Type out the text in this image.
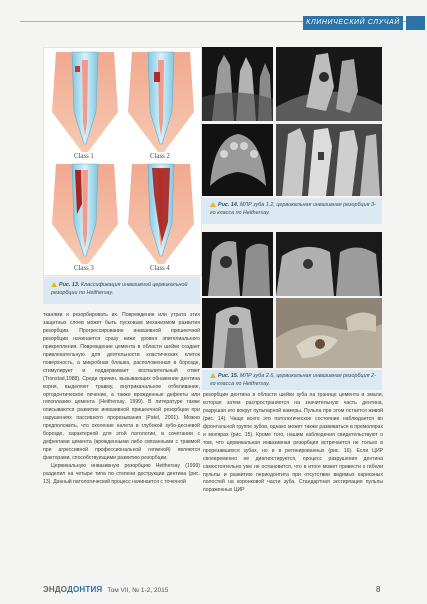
КЛИНИЧЕСКИЙ СЛУЧАЙ
Class 1	Class 2
Class 3	Class 4
Рис. 13. Классификация инвазивной цервикальной резорбции по Heithersay.
Рис. 14. МЛР зуба 1.2, цервикальная инвазивная резорбция 3-го класса по Heithersay.
Рис. 15. МЛР зуба 2.6, цервикальная инвазивная резорбция 2-го класса по Heithersay.

тканями и резорбировать их. Повреждение или утрата этих защитных слоев может быть пусковым механизмом развития резорбции. Прогрессирование инвазивной пришеечной резорбции начинается сразу ниже уровня эпителиального прикрепления. Повреждение цемента в области шейки создает привлекательную для деятельности кластических клеток поверхность, а микробная бляшка, расположенная в борозде, стимулирует и поддерживает воспалительный ответ (Tronstad,1988). Среди причин, вызывающих обнажение дентина корня, выделяют травму, внутриканальное отбеливание, ортодонтическое лечение, а также врожденные дефекты или гипоплазию цемента (Heithersay, 1999). В литературе также описываются развитие инвазивной пришеечной резорбции при нарушениях пассивного прорезывания (Patel, 2001). Можно предположить, что околение налета в глубокой зубо-десневой борозде, характерной для этой патологии, в сочетании с дефектами цемента (врожденными либо связанными с травмой при агрессивной профессиональной гигиеной) являются факторами, способствующими развитию резорбции.

Цервикальную инвазивную резорбцию Heithersay (1999) разделил на четыре типа по степени деструкции дентина (рис. 13). Данный патологический процесс начинается с точечной

резорбции дентина в области шейки зуба на границе цемента и эмали, которая затем распространяется на значительную часть дентина, разрушая его вокруг пульпарной камеры. Пульпа при этом остается живой (рис. 14). Чаще всего это патологическое состояние наблюдается во фронтальной группе зубов, однако может также развиваться в премолярах и молярах (рис. 15). Кроме того, нашим наблюдения свидетельствуют о том, что цервикальная инвазивная резорбция встречается не только в прорезавшихся зубах, но и в ретинированных (рис. 16). Если ЦИР своевременно не диагностируется, процесс разрушения дентина самостоятельно уже не остановится, что в итоге может привести к гибели пульпы и развитию периодонтита при отсутствии видимых кариозных полостей на коронковой части зуба. Стандартная экстирпация пульпы пораженных ЦИР

ЭНДОДОНТИЯ Том VII, № 1-2, 2015	8
